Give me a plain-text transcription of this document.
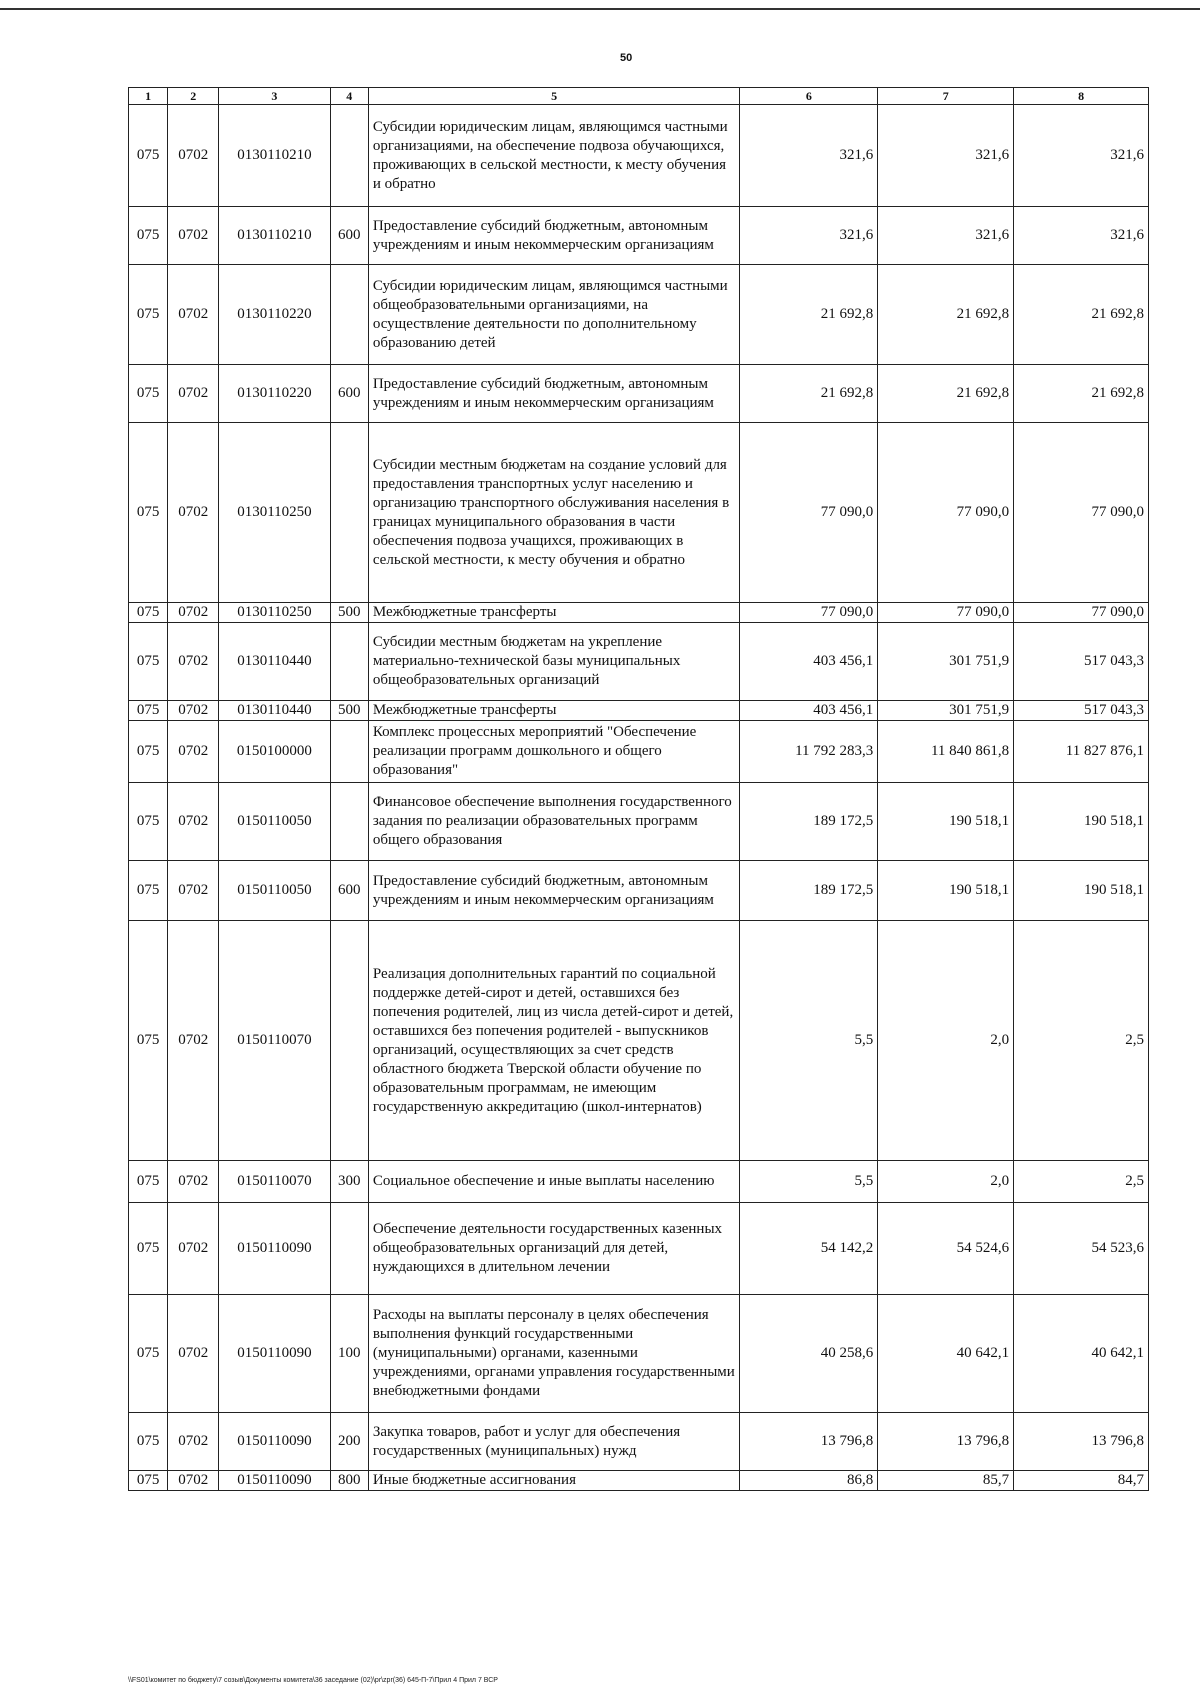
50
1	2	3	4	5	6	7	8
075	0702	0130110210		Субсидии юридическим лицам, являющимся частными организациями, на обеспечение подвоза обучающихся, проживающих в сельской местности, к месту обучения и обратно	321,6	321,6	321,6
075	0702	0130110210	600	Предоставление субсидий бюджетным, автономным учреждениям и иным некоммерческим организациям	321,6	321,6	321,6
075	0702	0130110220		Субсидии юридическим лицам, являющимся частными общеобразовательными организациями, на осуществление деятельности по дополнительному образованию детей	21 692,8	21 692,8	21 692,8
075	0702	0130110220	600	Предоставление субсидий бюджетным, автономным учреждениям и иным некоммерческим организациям	21 692,8	21 692,8	21 692,8
075	0702	0130110250		Субсидии местным бюджетам на создание условий для предоставления транспортных услуг населению и организацию транспортного обслуживания населения в границах муниципального образования в части обеспечения подвоза учащихся, проживающих в сельской местности, к месту обучения и обратно	77 090,0	77 090,0	77 090,0
075	0702	0130110250	500	Межбюджетные трансферты	77 090,0	77 090,0	77 090,0
075	0702	0130110440		Субсидии местным бюджетам на укрепление материально-технической базы муниципальных общеобразовательных организаций	403 456,1	301 751,9	517 043,3
075	0702	0130110440	500	Межбюджетные трансферты	403 456,1	301 751,9	517 043,3
075	0702	0150100000		Комплекс процессных мероприятий "Обеспечение реализации программ дошкольного и общего образования"	11 792 283,3	11 840 861,8	11 827 876,1
075	0702	0150110050		Финансовое обеспечение выполнения государственного задания по реализации образовательных программ общего образования	189 172,5	190 518,1	190 518,1
075	0702	0150110050	600	Предоставление субсидий бюджетным, автономным учреждениям и иным некоммерческим организациям	189 172,5	190 518,1	190 518,1
075	0702	0150110070		Реализация дополнительных гарантий по социальной поддержке детей-сирот и детей, оставшихся без попечения родителей, лиц из числа детей-сирот и детей, оставшихся без попечения родителей - выпускников организаций, осуществляющих за счет средств областного бюджета Тверской области обучение по образовательным программам, не имеющим государственную аккредитацию (школ-интернатов)	5,5	2,0	2,5
075	0702	0150110070	300	Социальное обеспечение и иные выплаты населению	5,5	2,0	2,5
075	0702	0150110090		Обеспечение деятельности государственных казенных общеобразовательных организаций для детей, нуждающихся в длительном лечении	54 142,2	54 524,6	54 523,6
075	0702	0150110090	100	Расходы на выплаты персоналу в целях обеспечения выполнения функций государственными (муниципальными) органами, казенными учреждениями, органами управления государственными внебюджетными фондами	40 258,6	40 642,1	40 642,1
075	0702	0150110090	200	Закупка товаров, работ и услуг для обеспечения государственных (муниципальных) нужд	13 796,8	13 796,8	13 796,8
075	0702	0150110090	800	Иные бюджетные ассигнования	86,8	85,7	84,7
\\FS01\комитет по бюджету\7 созыв\Документы комитета\36 заседание (02)\pr\zpr(36) 645-П-7\Прил 4 Прил 7 ВСР
